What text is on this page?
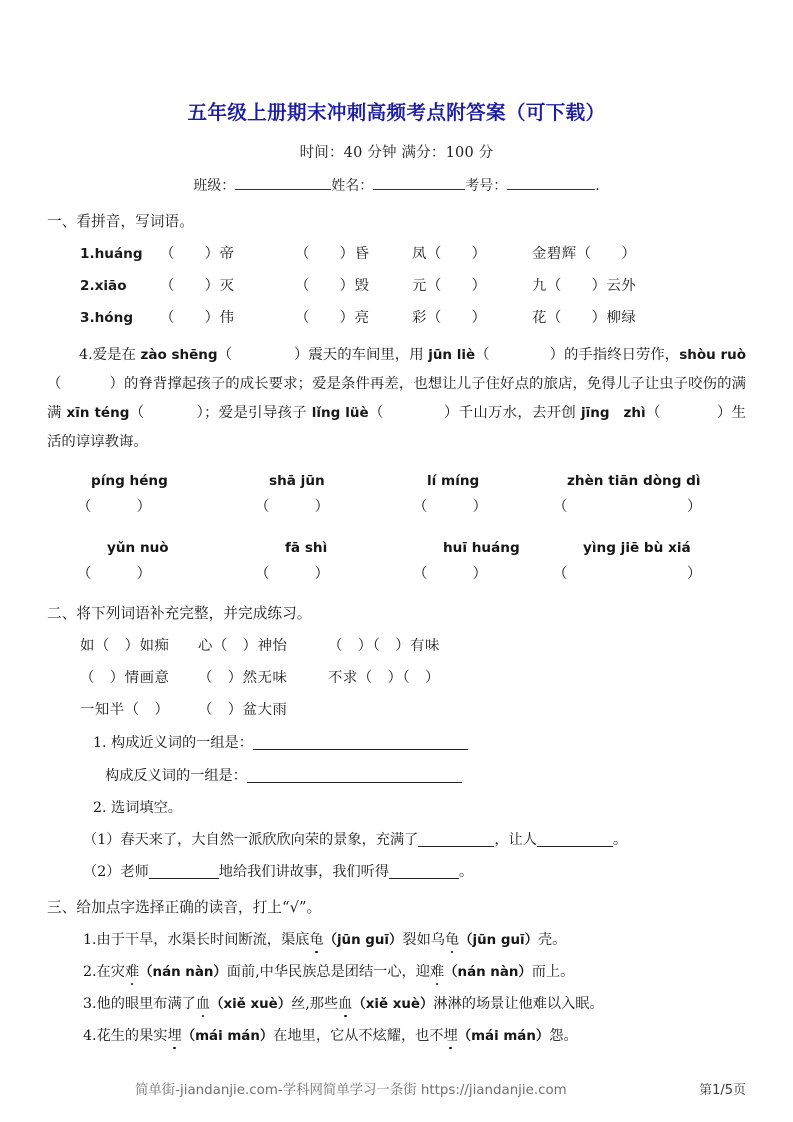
五年级上册期末冲刺高频考点附答案（可下载）

时间：40 分钟 满分：100 分

班级：	姓名：	考号：	.

一、看拼音，写词语。

1.huáng	（　　）帝	（　　）昏	凤（　　）	金碧辉（　　）
2.xiāo	（　　）灭	（　　）毁	元（　　）	九（　　）云外
3.hóng	（　　）伟	（　　）亮	彩（　　）	花（　　）柳绿
4.爱是在 zào shēng（	）震天的车间里，用 jūn liè（	）的手指终日劳作，shòu ruò（	）的脊背撑起孩子的成长要求；爱是条件再差，也想让儿子住好点的旅店，免得儿子让虫子咬伤的满满 xīn téng（	）；爱是引导孩子 lǐng lüè（	）千山万水，去开创 jīng　zhì（	）生活的谆谆教诲。
píng héng	shā jūn	lí míng	zhèn tiān dòng dì
（　　　）	（　　　）	（　　　）	（　　　　　　　　）
yǔn nuò	fā shì	huī huáng	yìng jiē bù xiá
（　　　）	（　　　）	（　　　）	（　　　　　　　　）

二、将下列词语补充完整，并完成练习。

如（　）如痴	心（　）神怡	（　）（　）有味
（　）情画意	（　）然无味	不求（　）（　）
一知半（　）	（　）盆大雨
1. 构成近义词的一组是：
构成反义词的一组是：
2. 选词填空。
（1）春天来了，大自然一派欣欣向荣的景象，充满了	，让人	。
（2）老师	地给我们讲故事，我们听得	。

三、给加点字选择正确的读音，打上“√”。

1.由于干旱，水渠长时间断流，渠底龟（jūn guī）裂如乌龟（jūn guī）壳。
2.在灾难（nán nàn）面前,中华民族总是团结一心，迎难（nán nàn）而上。
3.他的眼里布满了血（xiě xuè）丝,那些血（xiě xuè）淋淋的场景让他难以入眠。
4.花生的果实埋（mái mán）在地里，它从不炫耀，也不埋（mái mán）怨。
简单街-jiandanjie.com-学科网简单学习一条街 https://jiandanjie.com	第1/5页
